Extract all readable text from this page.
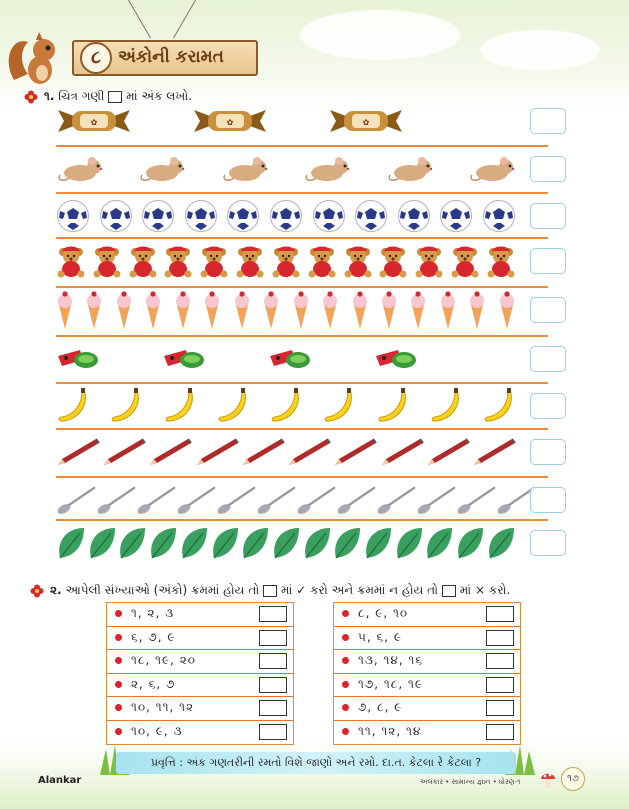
૮	અંકોની કરામત
૧. ચિત્ર ગણી માં અંક લખો.
✿	✿	✿
૨. આપેલી સંખ્યાઓ (અંકો) ક્રમમાં હોય તો માં ✓ કરો અને ક્રમમાં ન હોય તો માં × કરો.
૧, ૨, ૩
૬, ૭, ૯
૧૮, ૧૯, ૨૦
૨, ૬, ૭
૧૦, ૧૧, ૧૨
૧૦, ૯, ૩
૮, ૯, ૧૦
૫, ૬, ૯
૧૩, ૧૪, ૧૬
૧૭, ૧૮, ૧૯
૭, ૮, ૯
૧૧, ૧૨, ૧૪
પ્રવૃત્તિ : અંક ગણતરીની રમતો વિશે જાણો અને રમો. દા.ત. કેટલા રે કેટલા ?
Alankar	અલંકાર • સામાન્ય જ્ઞાન • ધોરણ-૧	૧૭
